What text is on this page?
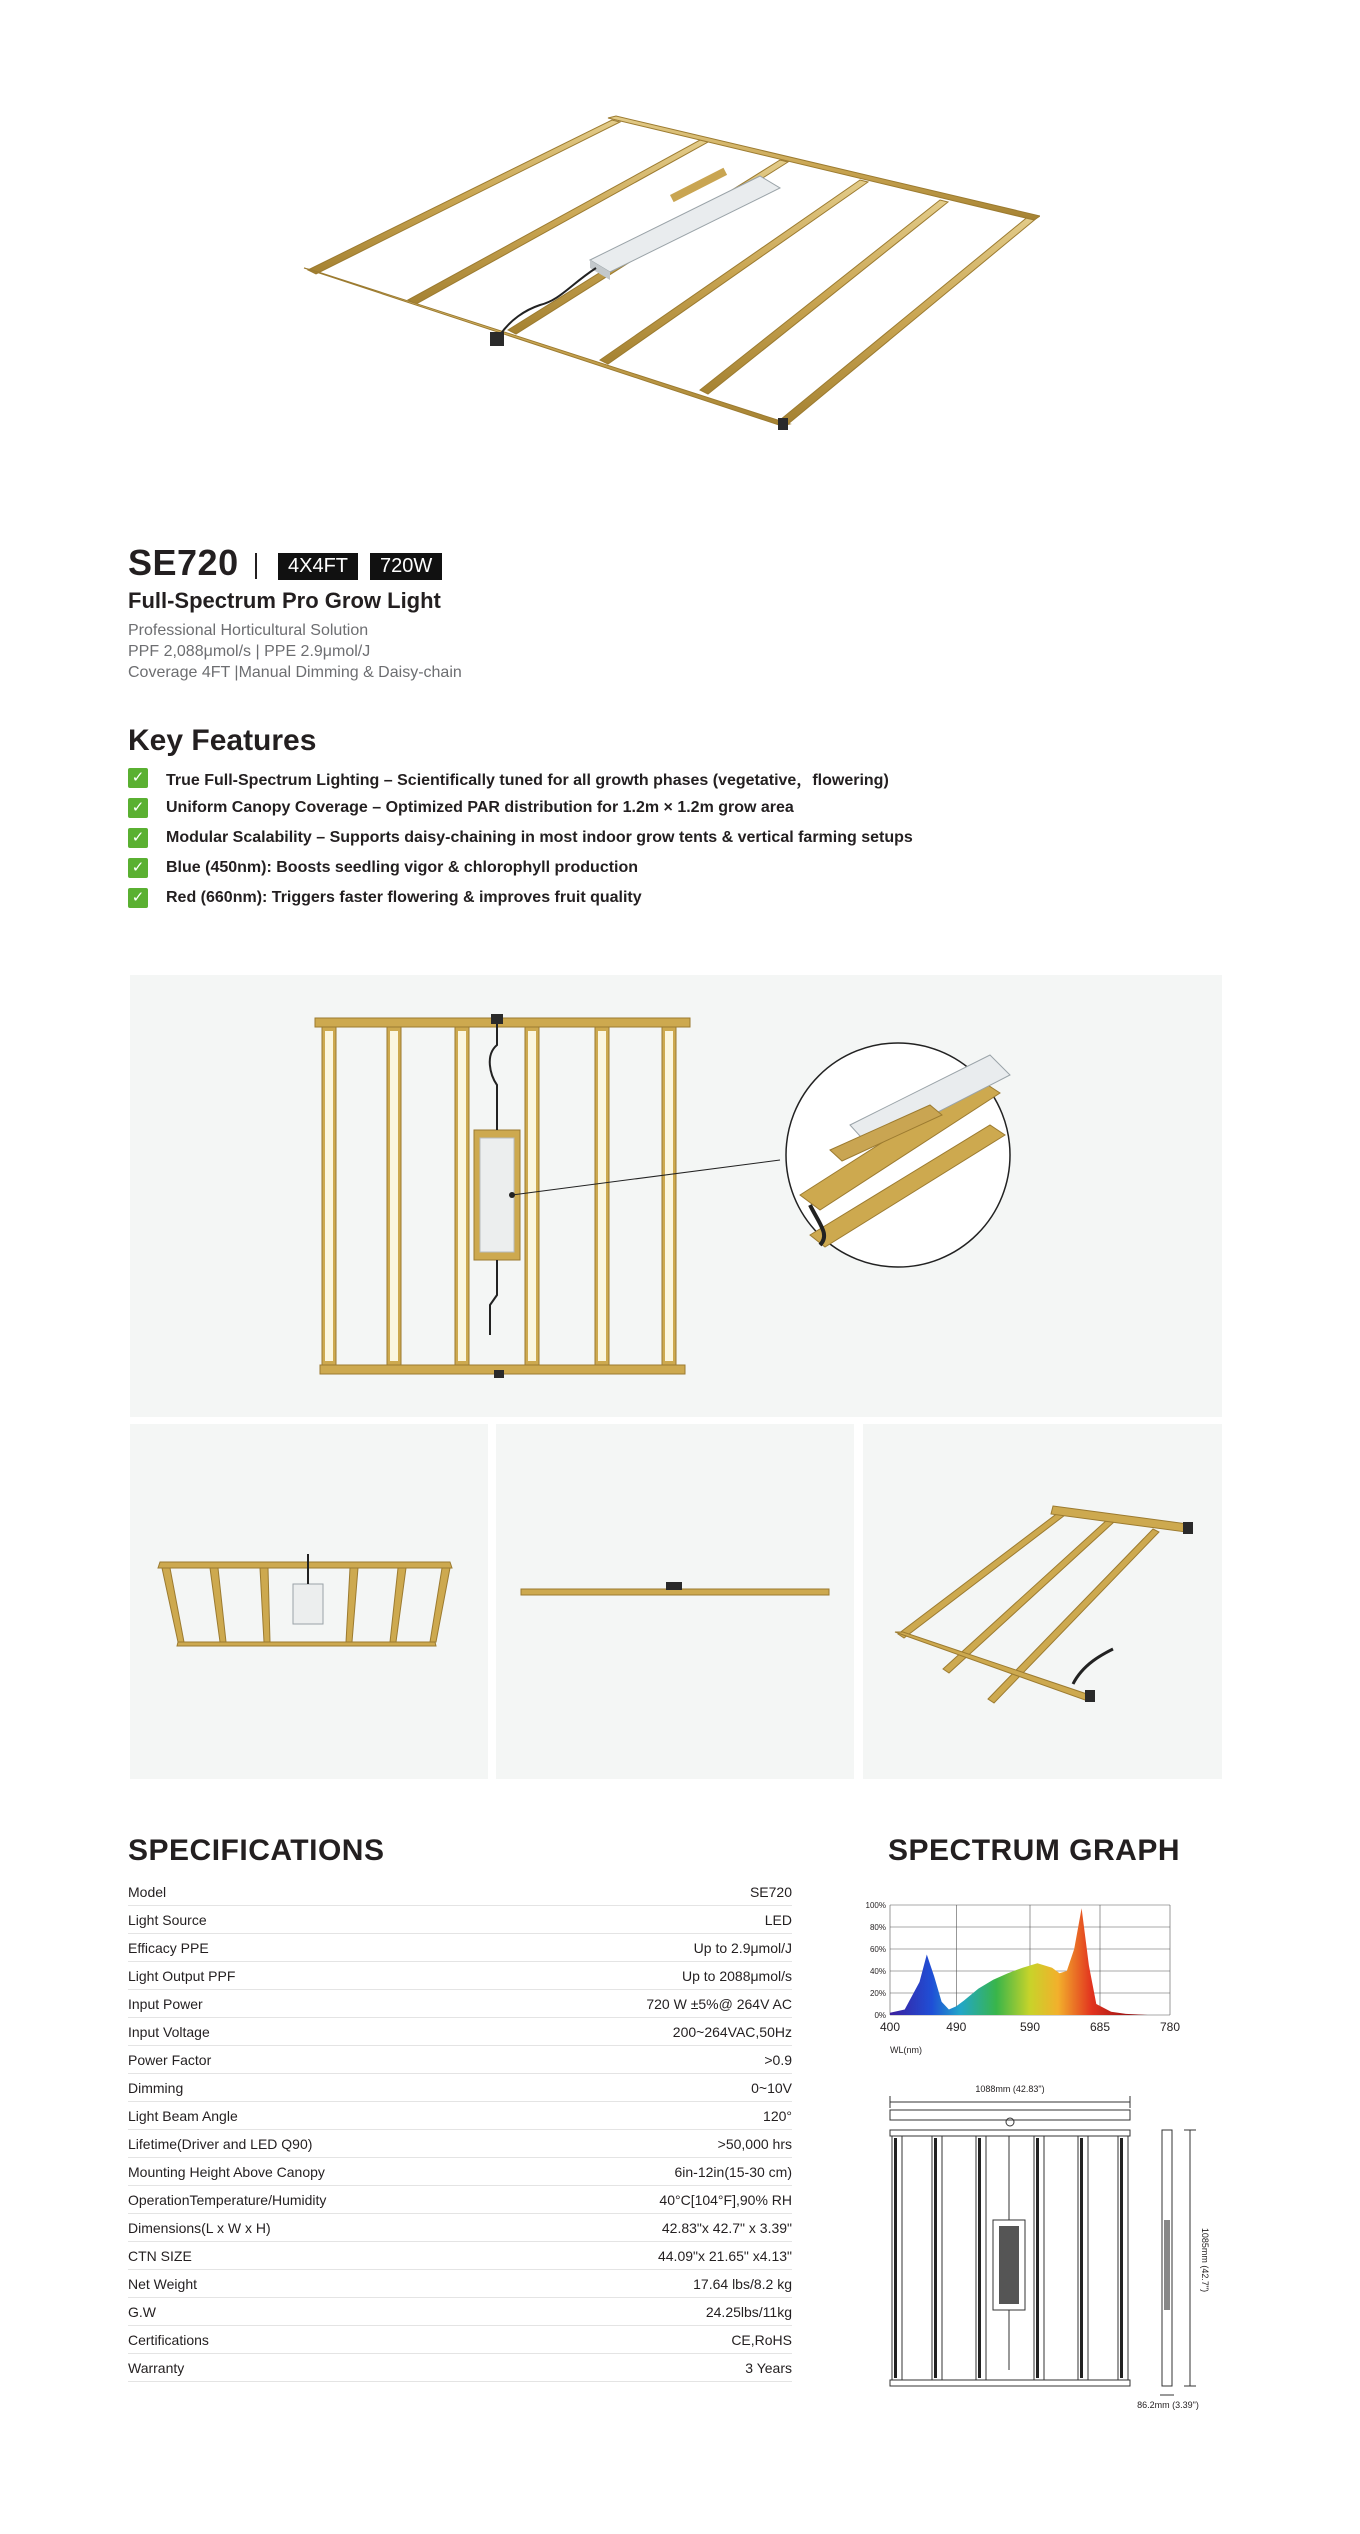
SE720	4X4FT	720W
Full-Spectrum Pro Grow Light
Professional Horticultural Solution
PPF 2,088μmol/s | PPE 2.9μmol/J
Coverage 4FT |Manual Dimming & Daisy-chain
Key Features
✓ True Full-Spectrum Lighting – Scientifically tuned for all growth phases (vegetative，flowering)
✓ Uniform Canopy Coverage – Optimized PAR distribution for 1.2m × 1.2m grow area
✓ Modular Scalability – Supports daisy-chaining in most indoor grow tents & vertical farming setups
✓ Blue (450nm): Boosts seedling vigor & chlorophyll production
✓ Red (660nm): Triggers faster flowering & improves fruit quality
SPECIFICATIONS
Model	SE720
Light Source	LED
Efficacy PPE	Up to 2.9μmol/J
Light Output PPF	Up to 2088μmol/s
Input Power	720 W ±5%@ 264V AC
Input Voltage	200~264VAC,50Hz
Power Factor	>0.9
Dimming	0~10V
Light Beam Angle	120°
Lifetime(Driver and LED Q90)	>50,000 hrs
Mounting Height Above Canopy	6in-12in(15-30 cm)
OperationTemperature/Humidity	40°C[104°F],90% RH
Dimensions(L x W x H)	42.83"x 42.7" x 3.39"
CTN SIZE	44.09"x 21.65" x4.13"
Net Weight	17.64 lbs/8.2 kg
G.W	24.25lbs/11kg
Certifications	CE,RoHS
Warranty	3 Years
SPECTRUM GRAPH
100%
80%
60%
40%
20%
0%
400	490	590	685	780
WL(nm)
1088mm (42.83")
1085mm (42.7")
86.2mm (3.39")
